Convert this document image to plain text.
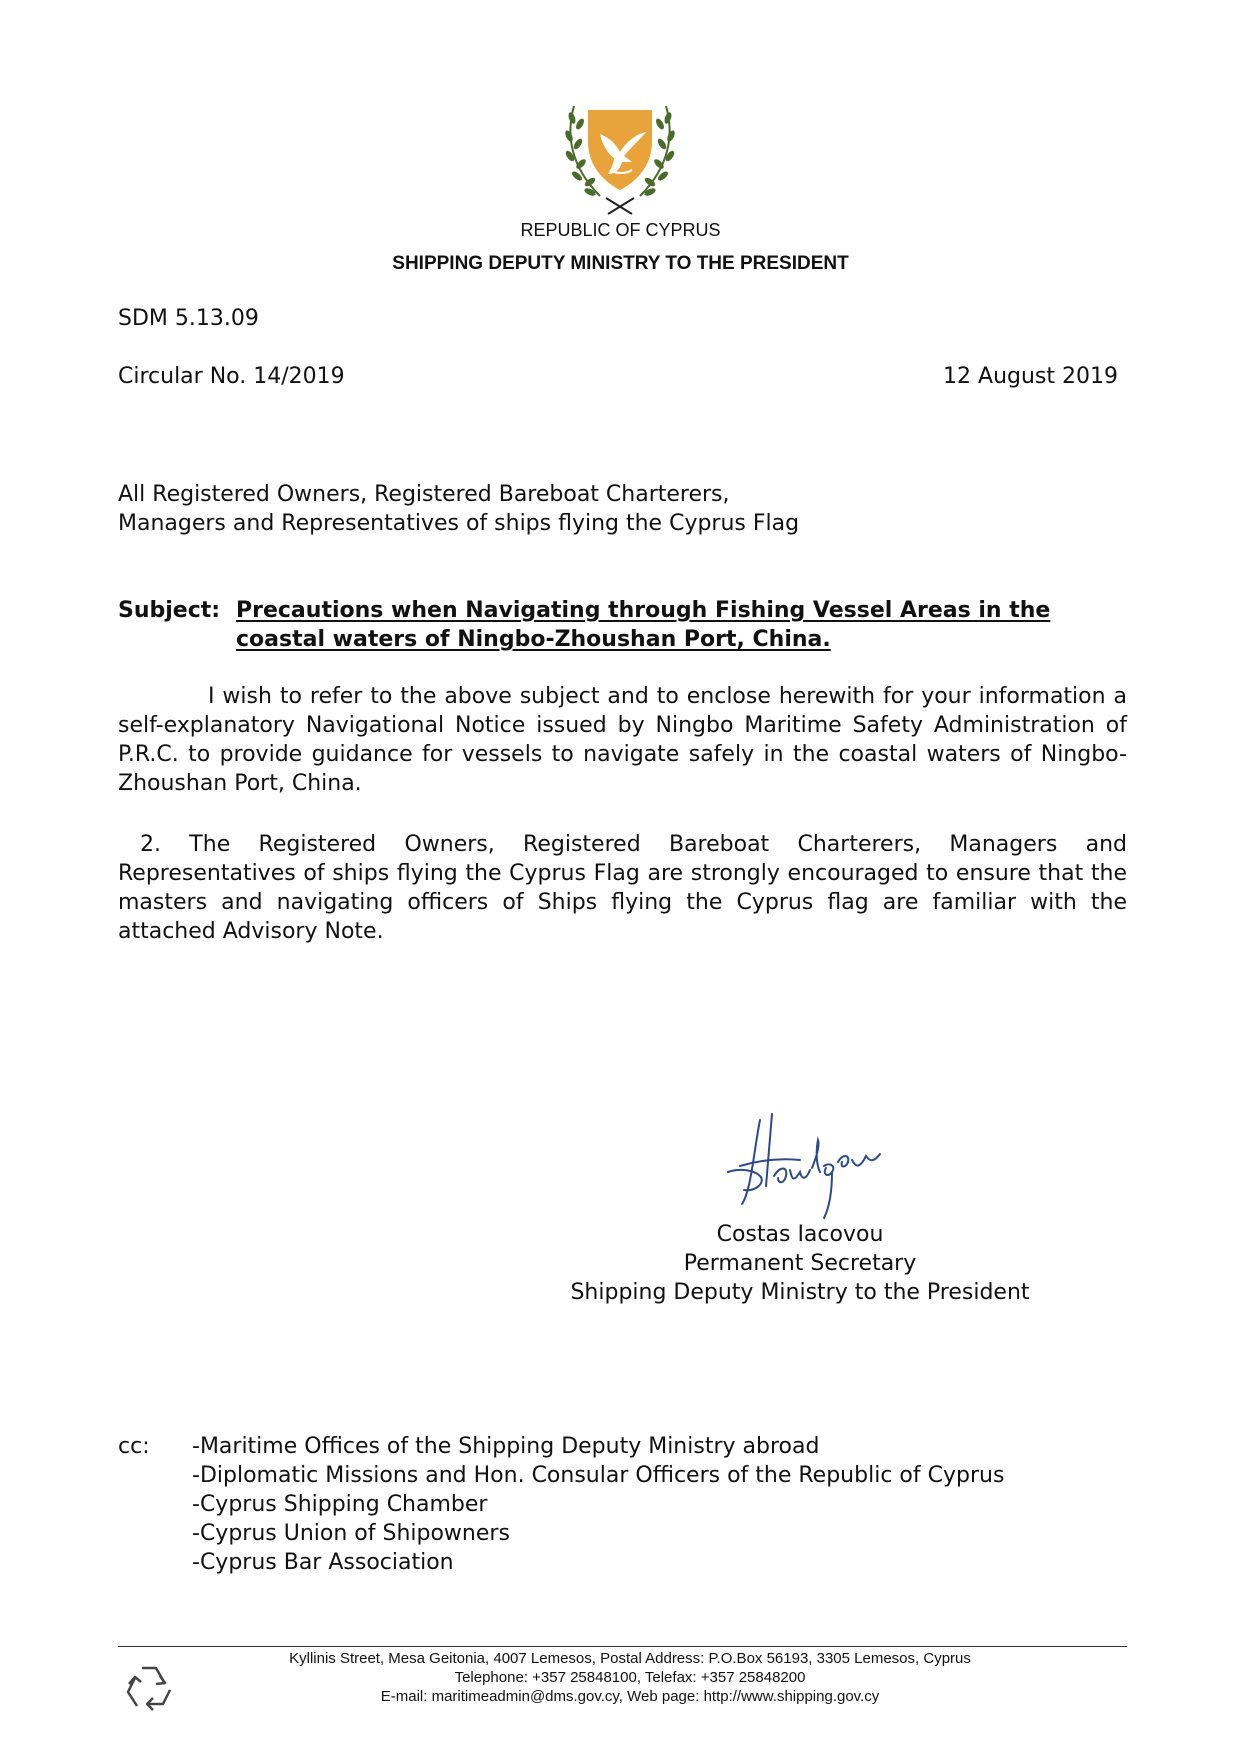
REPUBLIC OF CYPRUS
SHIPPING DEPUTY MINISTRY TO THE PRESIDENT
SDM 5.13.09
Circular No. 14/2019	12 August 2019
All Registered Owners, Registered Bareboat Charterers,
Managers and Representatives of ships flying the Cyprus Flag
Subject: Precautions when Navigating through Fishing Vessel Areas in the coastal waters of Ningbo-Zhoushan Port, China.
I wish to refer to the above subject and to enclose herewith for your information a self-explanatory Navigational Notice issued by Ningbo Maritime Safety Administration of P.R.C. to provide guidance for vessels to navigate safely in the coastal waters of Ningbo-Zhoushan Port, China.
2. The Registered Owners, Registered Bareboat Charterers, Managers and Representatives of ships flying the Cyprus Flag are strongly encouraged to ensure that the masters and navigating officers of Ships flying the Cyprus flag are familiar with the attached Advisory Note.
Costas Iacovou
Permanent Secretary
Shipping Deputy Ministry to the President
cc: -Maritime Offices of the Shipping Deputy Ministry abroad
-Diplomatic Missions and Hon. Consular Officers of the Republic of Cyprus
-Cyprus Shipping Chamber
-Cyprus Union of Shipowners
-Cyprus Bar Association
Kyllinis Street, Mesa Geitonia, 4007 Lemesos, Postal Address: P.O.Box 56193, 3305 Lemesos, Cyprus
Telephone: +357 25848100, Telefax: +357 25848200
E-mail: maritimeadmin@dms.gov.cy, Web page: http://www.shipping.gov.cy
